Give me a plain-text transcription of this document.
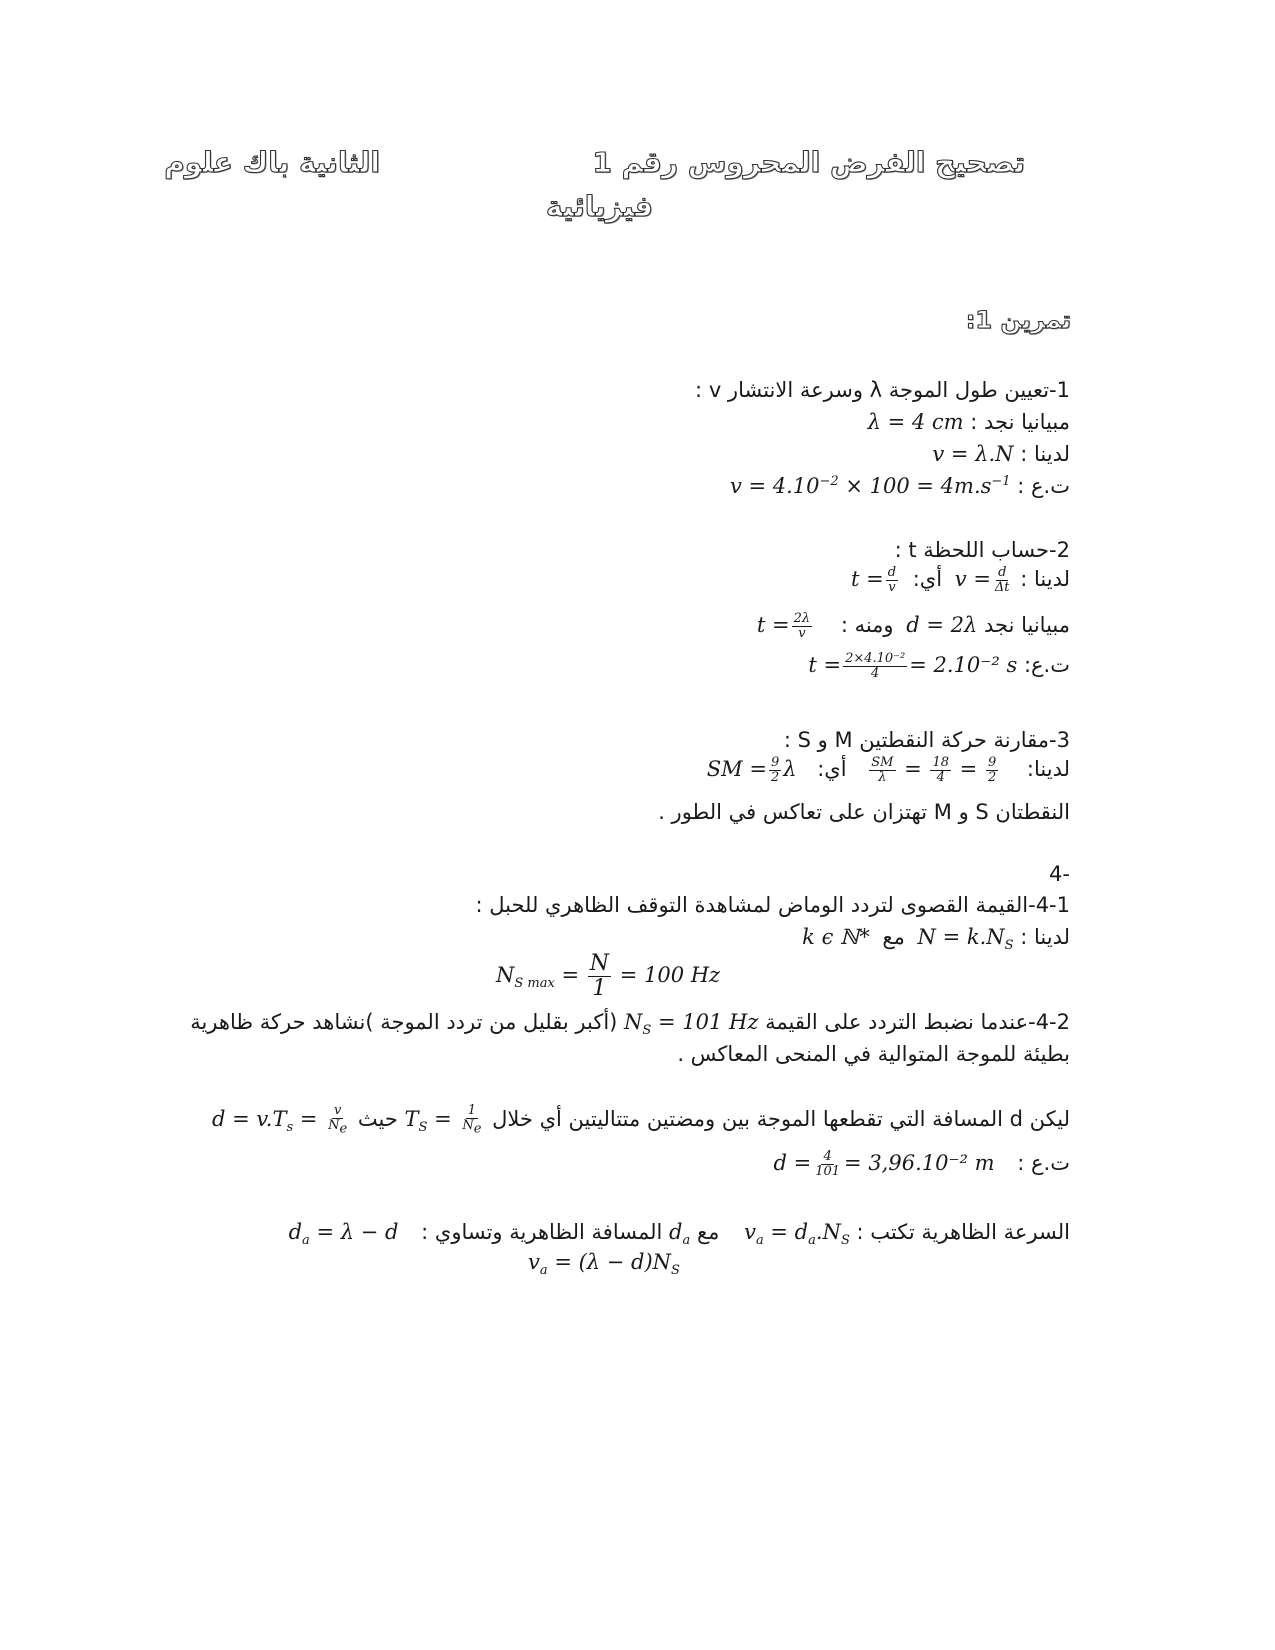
تصحيح الفرض المحروس رقم 1
الثانية باك علوم
فيزيائية
تمرين 1:
1-تعيين طول الموجة λ وسرعة الانتشار v :
مبيانيا نجد : λ = 4 cm
لدينا : v = λ.N
ت.ع : $v = 4.10^{-2} \times 100 = 4m.s^{-1}$
2-حساب اللحظة t :
لدينا : $v = \frac{d}{\Delta t}$
أي: $t = \frac{d}{v}$
مبيانيا نجد d = 2λ ومنه : $t = \frac{2\lambda}{v}$
ت.ع: $t = \frac{\text{2×4.10⁻²}}{4} = 2.10^{-2}$ s
3-مقارنة حركة النقطتين M و S :
لدينا:
$\frac{SM}{\lambda} = \frac{18}{4} = \frac{9}{2}$
أي: SM = $\frac{9}{2}$ λ
النقطتان S و M تهتزان على تعاكس في الطور .
-4
4-1-القيمة القصوى لتردد الوماض لمشاهدة التوقف الظاهري للحبل :
لدينا : $N = k.N_S$ مع k ϵ ℕ*
$N_{S max} = \frac{N}{1} = 100$ Hz
4-2-عندما نضبط التردد على القيمة $N_S = 101$ Hz (أكبر بقليل من تردد الموجة )نشاهد حركة ظاهرية
بطيئة للموجة المتوالية في المنحى المعاكس .
ليكن d المسافة التي تقطعها الموجة بين ومضتين متتاليتين أي خلال $T_S = \frac{1}{N_e}$
حيث $d = v.T_s = \frac{v}{N_e}$
ت.ع : $d = \frac{4}{101} = 3,96.10^{-2}$ m
السرعة الظاهرية تكتب : $v_a = d_a.N_S$ مع $d_a$ المسافة الظاهرية وتساوي : $d_a = \lambda - d$
$v_a = (\lambda - d)N_S$
